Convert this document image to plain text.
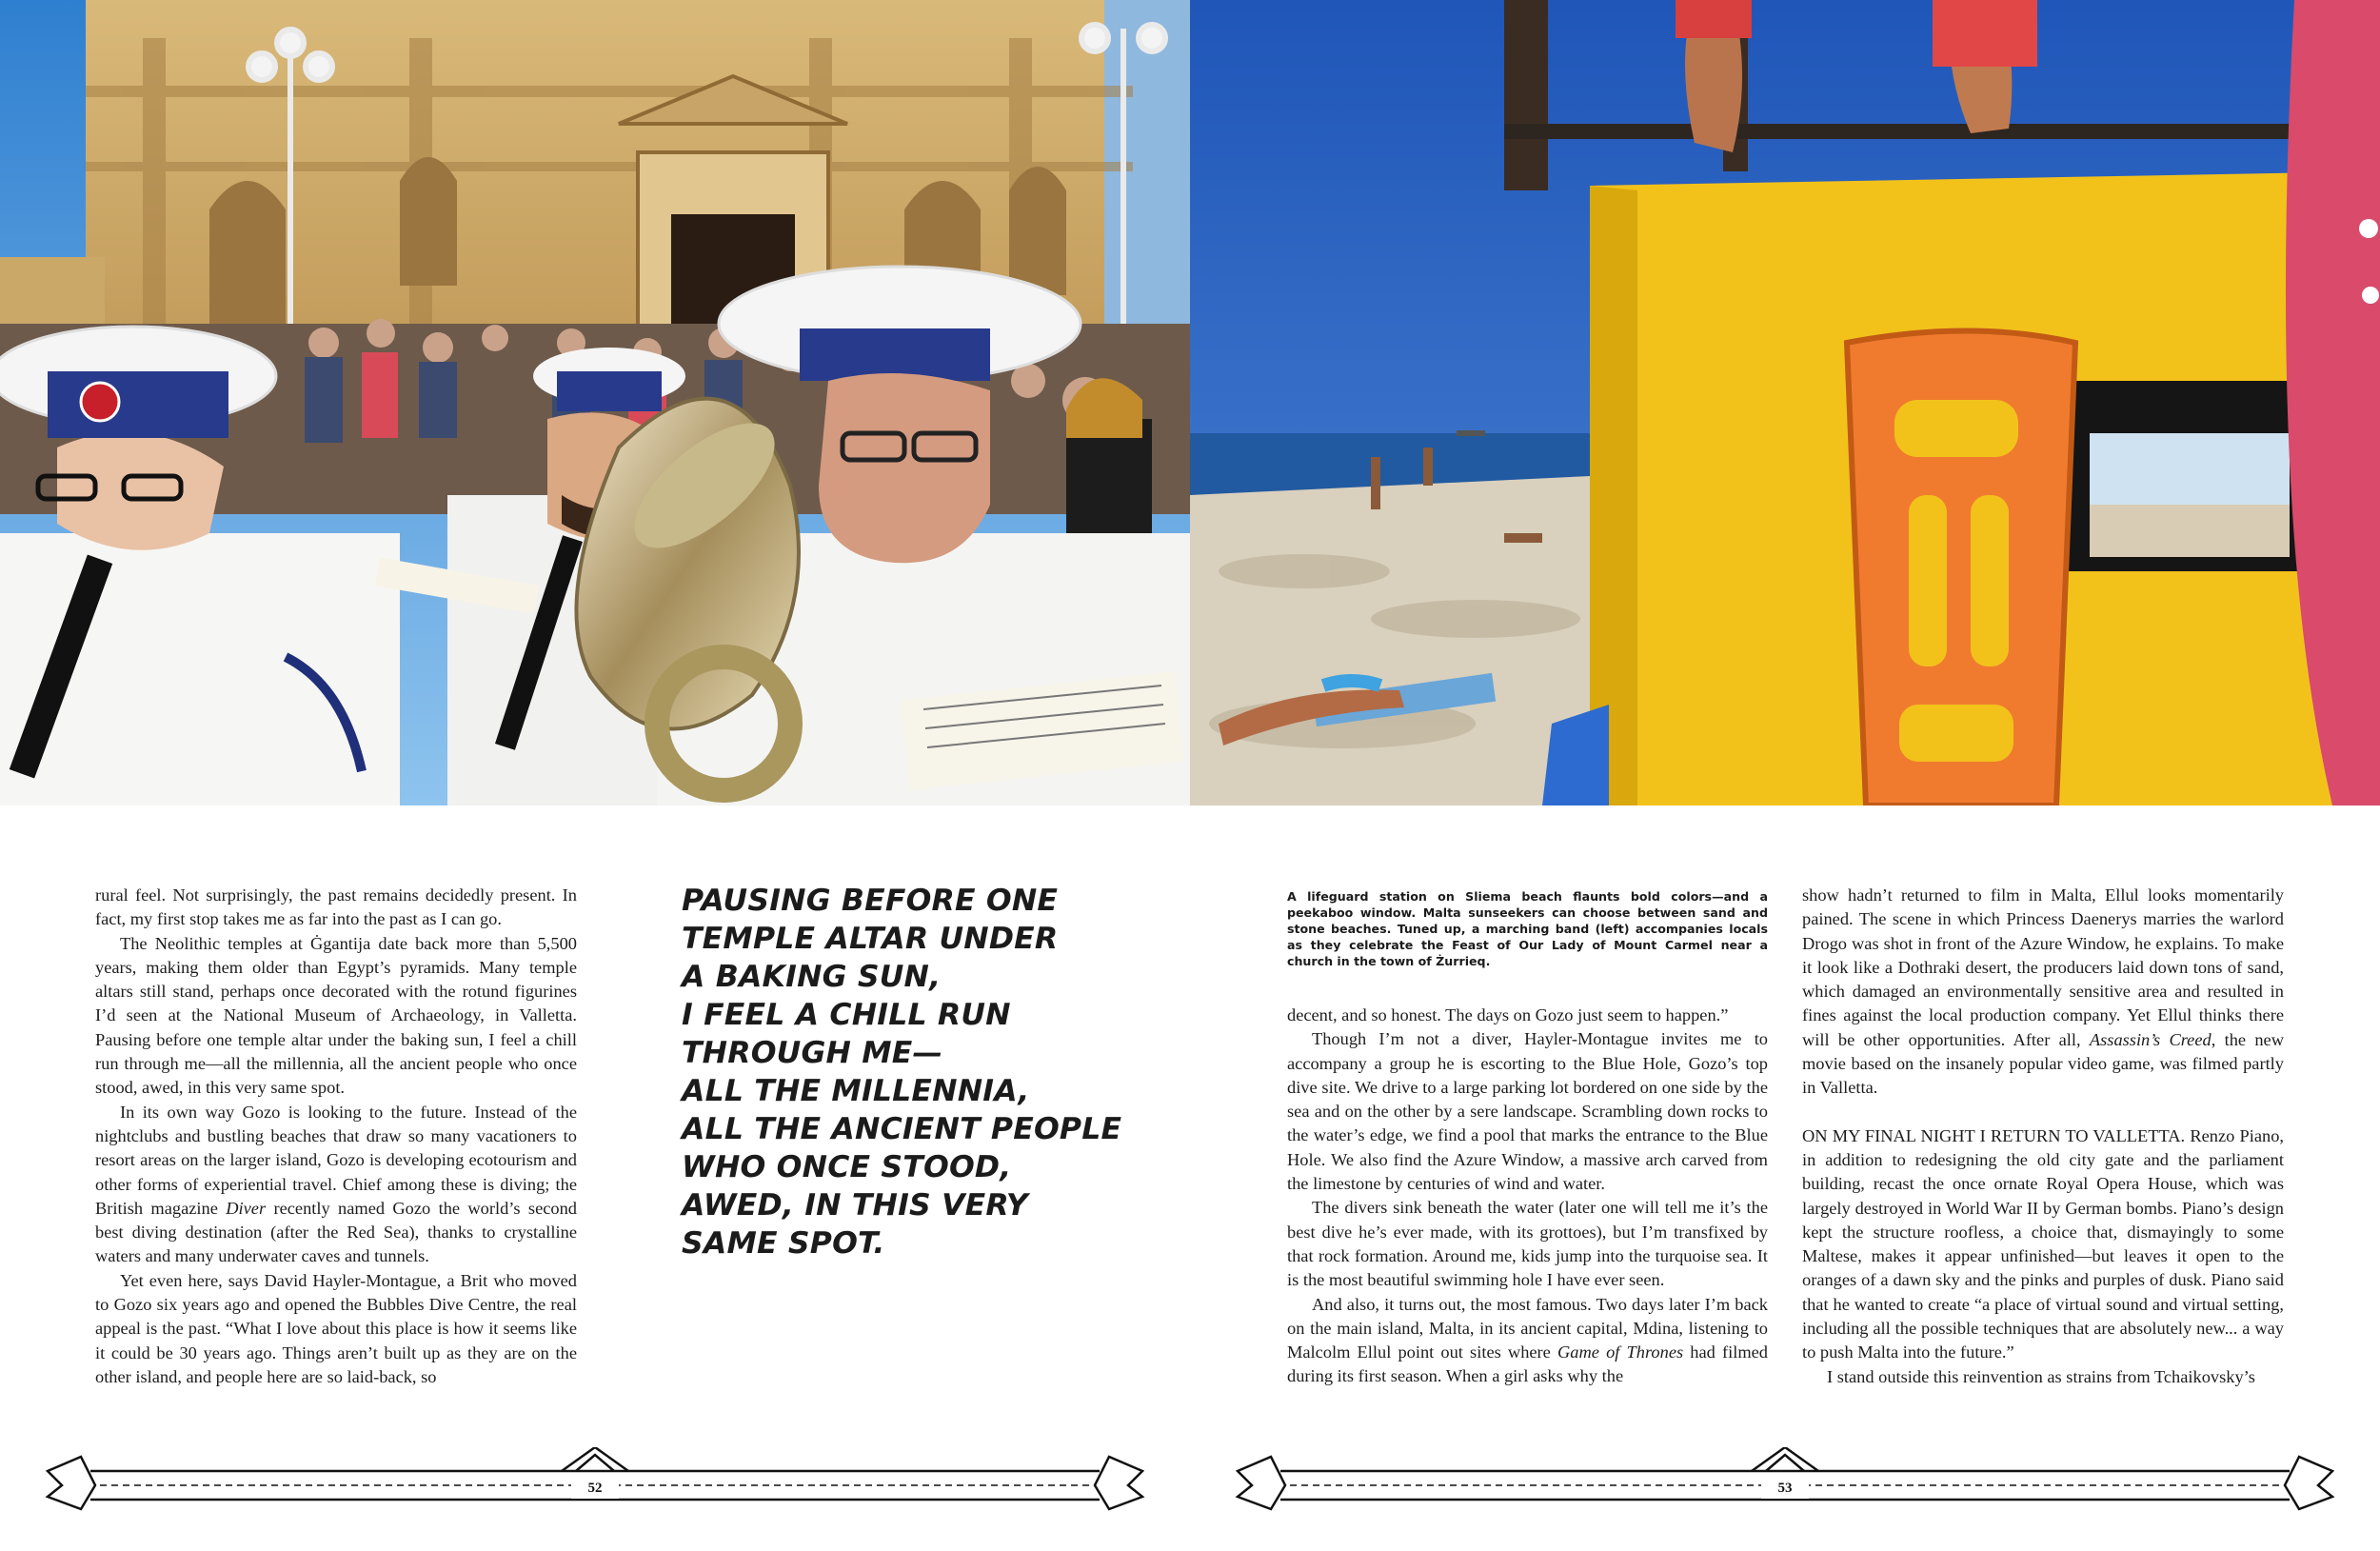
rural feel. Not surprisingly, the past remains decidedly present. In fact, my first stop takes me as far into the past as I can go.

The Neolithic temples at Ġgantija date back more than 5,500 years, making them older than Egypt’s pyramids. Many temple altars still stand, perhaps once decorated with the rotund figurines I’d seen at the National Museum of Archaeology, in Valletta. Pausing before one temple altar under the baking sun, I feel a chill run through me—all the millennia, all the ancient people who once stood, awed, in this very same spot.

In its own way Gozo is looking to the future. Instead of the nightclubs and bustling beaches that draw so many vacationers to resort areas on the larger island, Gozo is developing ecotourism and other forms of experiential travel. Chief among these is diving; the British magazine Diver recently named Gozo the world’s second best diving destination (after the Red Sea), thanks to crystalline waters and many underwater caves and tunnels.

Yet even here, says David Hayler-Montague, a Brit who moved to Gozo six years ago and opened the Bubbles Dive Centre, the real appeal is the past. “What I love about this place is how it seems like it could be 30 years ago. Things aren’t built up as they are on the other island, and people here are so laid-back, so

PAUSING BEFORE ONE
TEMPLE ALTAR UNDER
A BAKING SUN,
I FEEL A CHILL RUN
THROUGH ME—
ALL THE MILLENNIA,
ALL THE ANCIENT PEOPLE
WHO ONCE STOOD,
AWED, IN THIS VERY
SAME SPOT.
A lifeguard station on Sliema beach flaunts bold colors—and a peekaboo window. Malta sunseekers can choose between sand and stone beaches. Tuned up, a marching band (left) accompanies locals as they celebrate the Feast of Our Lady of Mount Carmel near a church in the town of Żurrieq.

decent, and so honest. The days on Gozo just seem to happen.”

Though I’m not a diver, Hayler-Montague invites me to accompany a group he is escorting to the Blue Hole, Gozo’s top dive site. We drive to a large parking lot bordered on one side by the sea and on the other by a sere landscape. Scrambling down rocks to the water’s edge, we find a pool that marks the entrance to the Blue Hole. We also find the Azure Window, a massive arch carved from the limestone by centuries of wind and water.

The divers sink beneath the water (later one will tell me it’s the best dive he’s ever made, with its grottoes), but I’m transfixed by that rock formation. Around me, kids jump into the turquoise sea. It is the most beautiful swimming hole I have ever seen.

And also, it turns out, the most famous. Two days later I’m back on the main island, Malta, in its ancient capital, Mdina, listening to Malcolm Ellul point out sites where Game of Thrones had filmed during its first season. When a girl asks why the

show hadn’t returned to film in Malta, Ellul looks momentarily pained. The scene in which Princess Daenerys marries the warlord Drogo was shot in front of the Azure Window, he explains. To make it look like a Dothraki desert, the producers laid down tons of sand, which damaged an environmentally sensitive area and resulted in fines against the local production company. Yet Ellul thinks there will be other opportunities. After all, Assassin’s Creed, the new movie based on the insanely popular video game, was filmed partly in Valletta.

ON MY FINAL NIGHT I RETURN TO VALLETTA. Renzo Piano, in addition to redesigning the old city gate and the parliament building, recast the once ornate Royal Opera House, which was largely destroyed in World War II by German bombs. Piano’s design kept the structure roofless, a choice that, dismayingly to some Maltese, makes it appear unfinished—but leaves it open to the oranges of a dawn sky and the pinks and purples of dusk. Piano said that he wanted to create “a place of virtual sound and virtual setting, including all the possible techniques that are absolutely new... a way to push Malta into the future.”

I stand outside this reinvention as strains from Tchaikovsky’s

52	53
